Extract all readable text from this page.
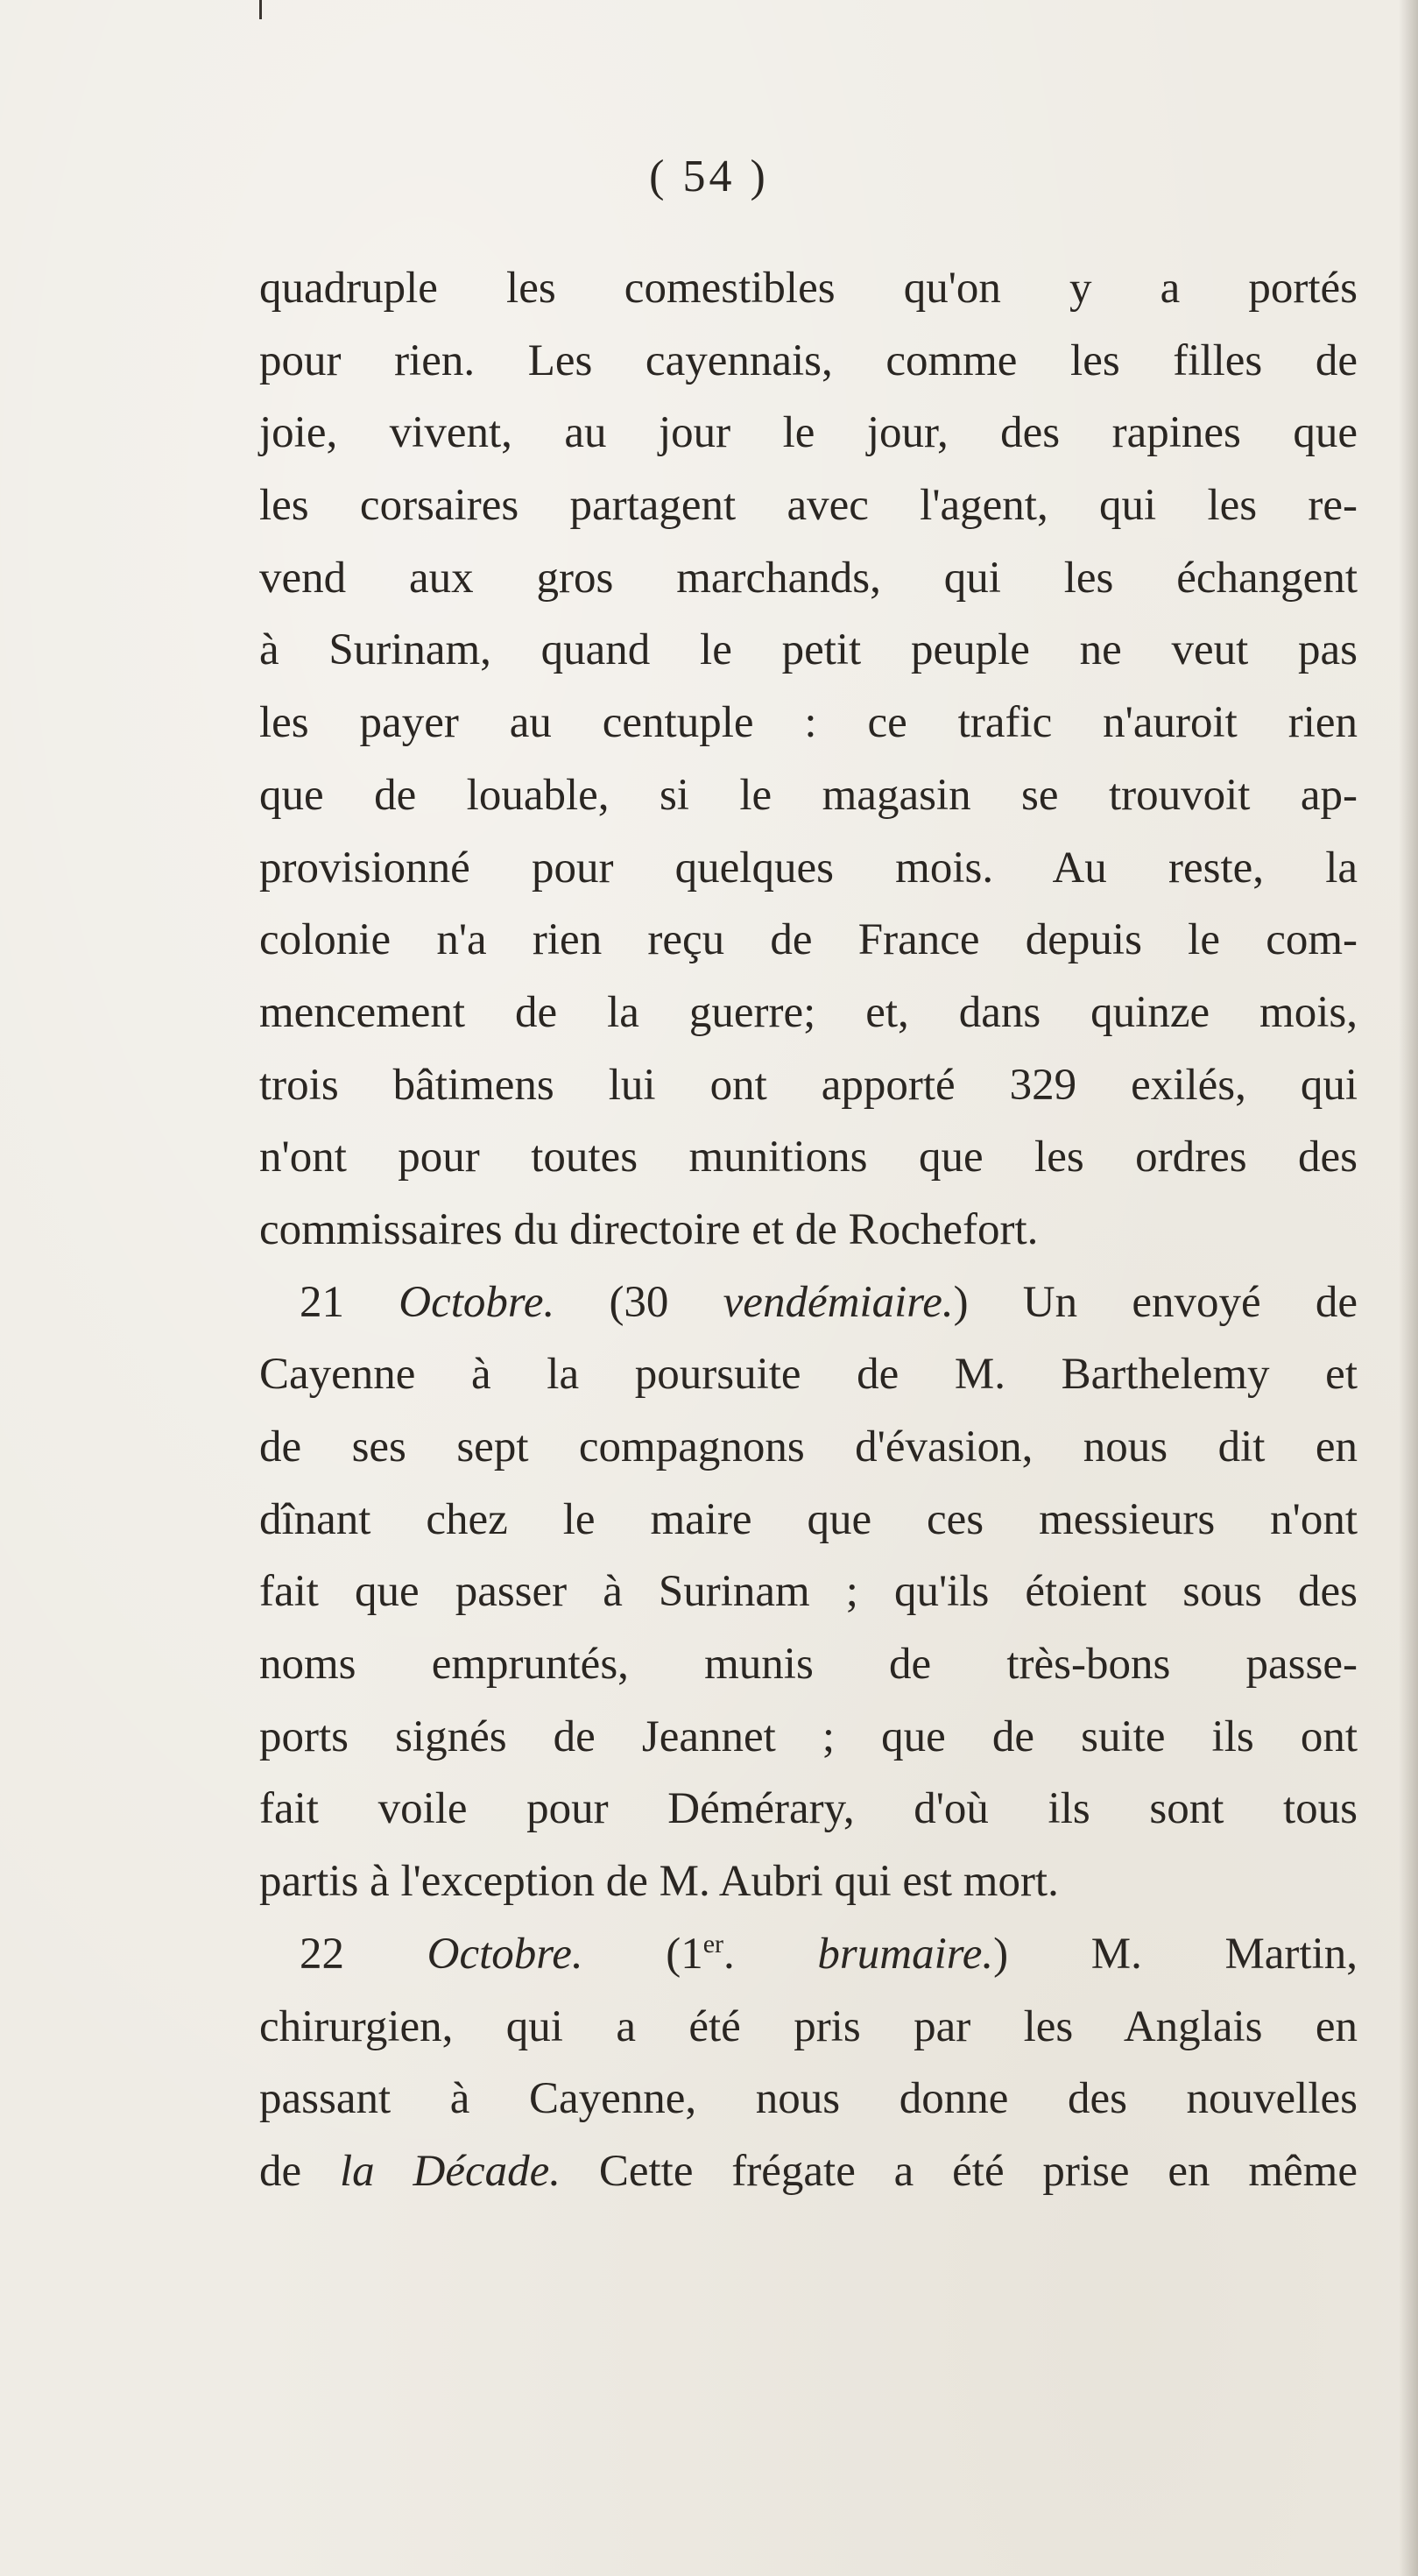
( 54 )
quadruple les comestibles qu'on y a portés
pour rien. Les cayennais, comme les filles de
joie, vivent, au jour le jour, des rapines que
les corsaires partagent avec l'agent, qui les re-
vend aux gros marchands, qui les échangent
à Surinam, quand le petit peuple ne veut pas
les payer au centuple : ce trafic n'auroit rien
que de louable, si le magasin se trouvoit ap-
provisionné pour quelques mois. Au reste, la
colonie n'a rien reçu de France depuis le com-
mencement de la guerre; et, dans quinze mois,
trois bâtimens lui ont apporté 329 exilés, qui
n'ont pour toutes munitions que les ordres des
commissaires du directoire et de Rochefort.
21 Octobre. (30 vendémiaire.) Un envoyé de
Cayenne à la poursuite de M. Barthelemy et
de ses sept compagnons d'évasion, nous dit en
dînant chez le maire que ces messieurs n'ont
fait que passer à Surinam ; qu'ils étoient sous des
noms empruntés, munis de très-bons passe-
ports signés de Jeannet ; que de suite ils ont
fait voile pour Démérary, d'où ils sont tous
partis à l'exception de M. Aubri qui est mort.
22 Octobre. (1er. brumaire.) M. Martin,
chirurgien, qui a été pris par les Anglais en
passant à Cayenne, nous donne des nouvelles
de la Décade. Cette frégate a été prise en même
